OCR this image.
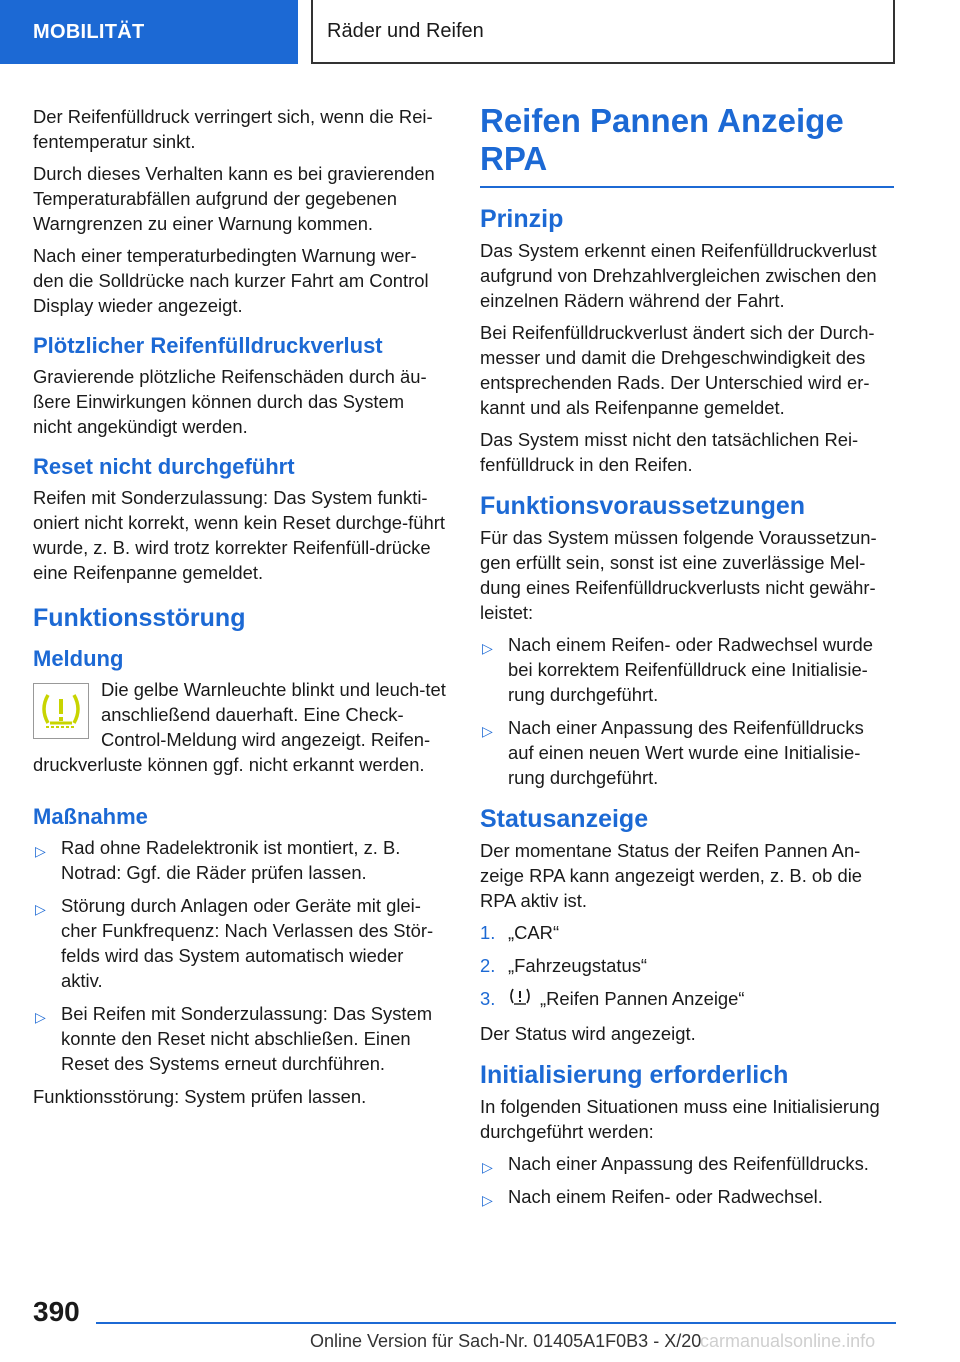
MOBILITÄT	Räder und Reifen

Der Reifenfülldruck verringert sich, wenn die Rei-fentemperatur sinkt.

Durch dieses Verhalten kann es bei gravierenden Temperaturabfällen aufgrund der gegebenen Warngrenzen zu einer Warnung kommen.

Nach einer temperaturbedingten Warnung wer-den die Solldrücke nach kurzer Fahrt am Control Display wieder angezeigt.

Plötzlicher Reifenfülldruckverlust

Gravierende plötzliche Reifenschäden durch äu-ßere Einwirkungen können durch das System nicht angekündigt werden.

Reset nicht durchgeführt

Reifen mit Sonderzulassung: Das System funkti-oniert nicht korrekt, wenn kein Reset durchge-führt wurde, z. B. wird trotz korrekter Reifenfüll-drücke eine Reifenpanne gemeldet.

Funktionsstörung
Meldung
Die gelbe Warnleuchte blinkt und leuch-tet anschließend dauerhaft. Eine Check-Control-Meldung wird angezeigt. Reifen-druckverluste können ggf. nicht erkannt werden.
Maßnahme
▷ Rad ohne Radelektronik ist montiert, z. B. Notrad: Ggf. die Räder prüfen lassen.
▷ Störung durch Anlagen oder Geräte mit glei-cher Funkfrequenz: Nach Verlassen des Stör-felds wird das System automatisch wieder aktiv.
▷ Bei Reifen mit Sonderzulassung: Das System konnte den Reset nicht abschließen. Einen Reset des Systems erneut durchführen.

Funktionsstörung: System prüfen lassen.

Reifen Pannen Anzeige RPA
Prinzip

Das System erkennt einen Reifenfülldruckverlust aufgrund von Drehzahlvergleichen zwischen den einzelnen Rädern während der Fahrt.

Bei Reifenfülldruckverlust ändert sich der Durch-messer und damit die Drehgeschwindigkeit des entsprechenden Rads. Der Unterschied wird er-kannt und als Reifenpanne gemeldet.

Das System misst nicht den tatsächlichen Rei-fenfülldruck in den Reifen.

Funktionsvoraussetzungen

Für das System müssen folgende Voraussetzun-gen erfüllt sein, sonst ist eine zuverlässige Mel-dung eines Reifenfülldruckverlusts nicht gewähr-leistet:

▷ Nach einem Reifen- oder Radwechsel wurde bei korrektem Reifenfülldruck eine Initialisie-rung durchgeführt.
▷ Nach einer Anpassung des Reifenfülldrucks auf einen neuen Wert wurde eine Initialisie-rung durchgeführt.
Statusanzeige

Der momentane Status der Reifen Pannen An-zeige RPA kann angezeigt werden, z. B. ob die RPA aktiv ist.

1. „CAR“
2. „Fahrzeugstatus“
3. „Reifen Pannen Anzeige“

Der Status wird angezeigt.

Initialisierung erforderlich

In folgenden Situationen muss eine Initialisierung durchgeführt werden:

▷ Nach einer Anpassung des Reifenfülldrucks.
▷ Nach einem Reifen- oder Radwechsel.
390
Online Version für Sach-Nr. 01405A1F0B3 - X/20
carmanualsonline.info
